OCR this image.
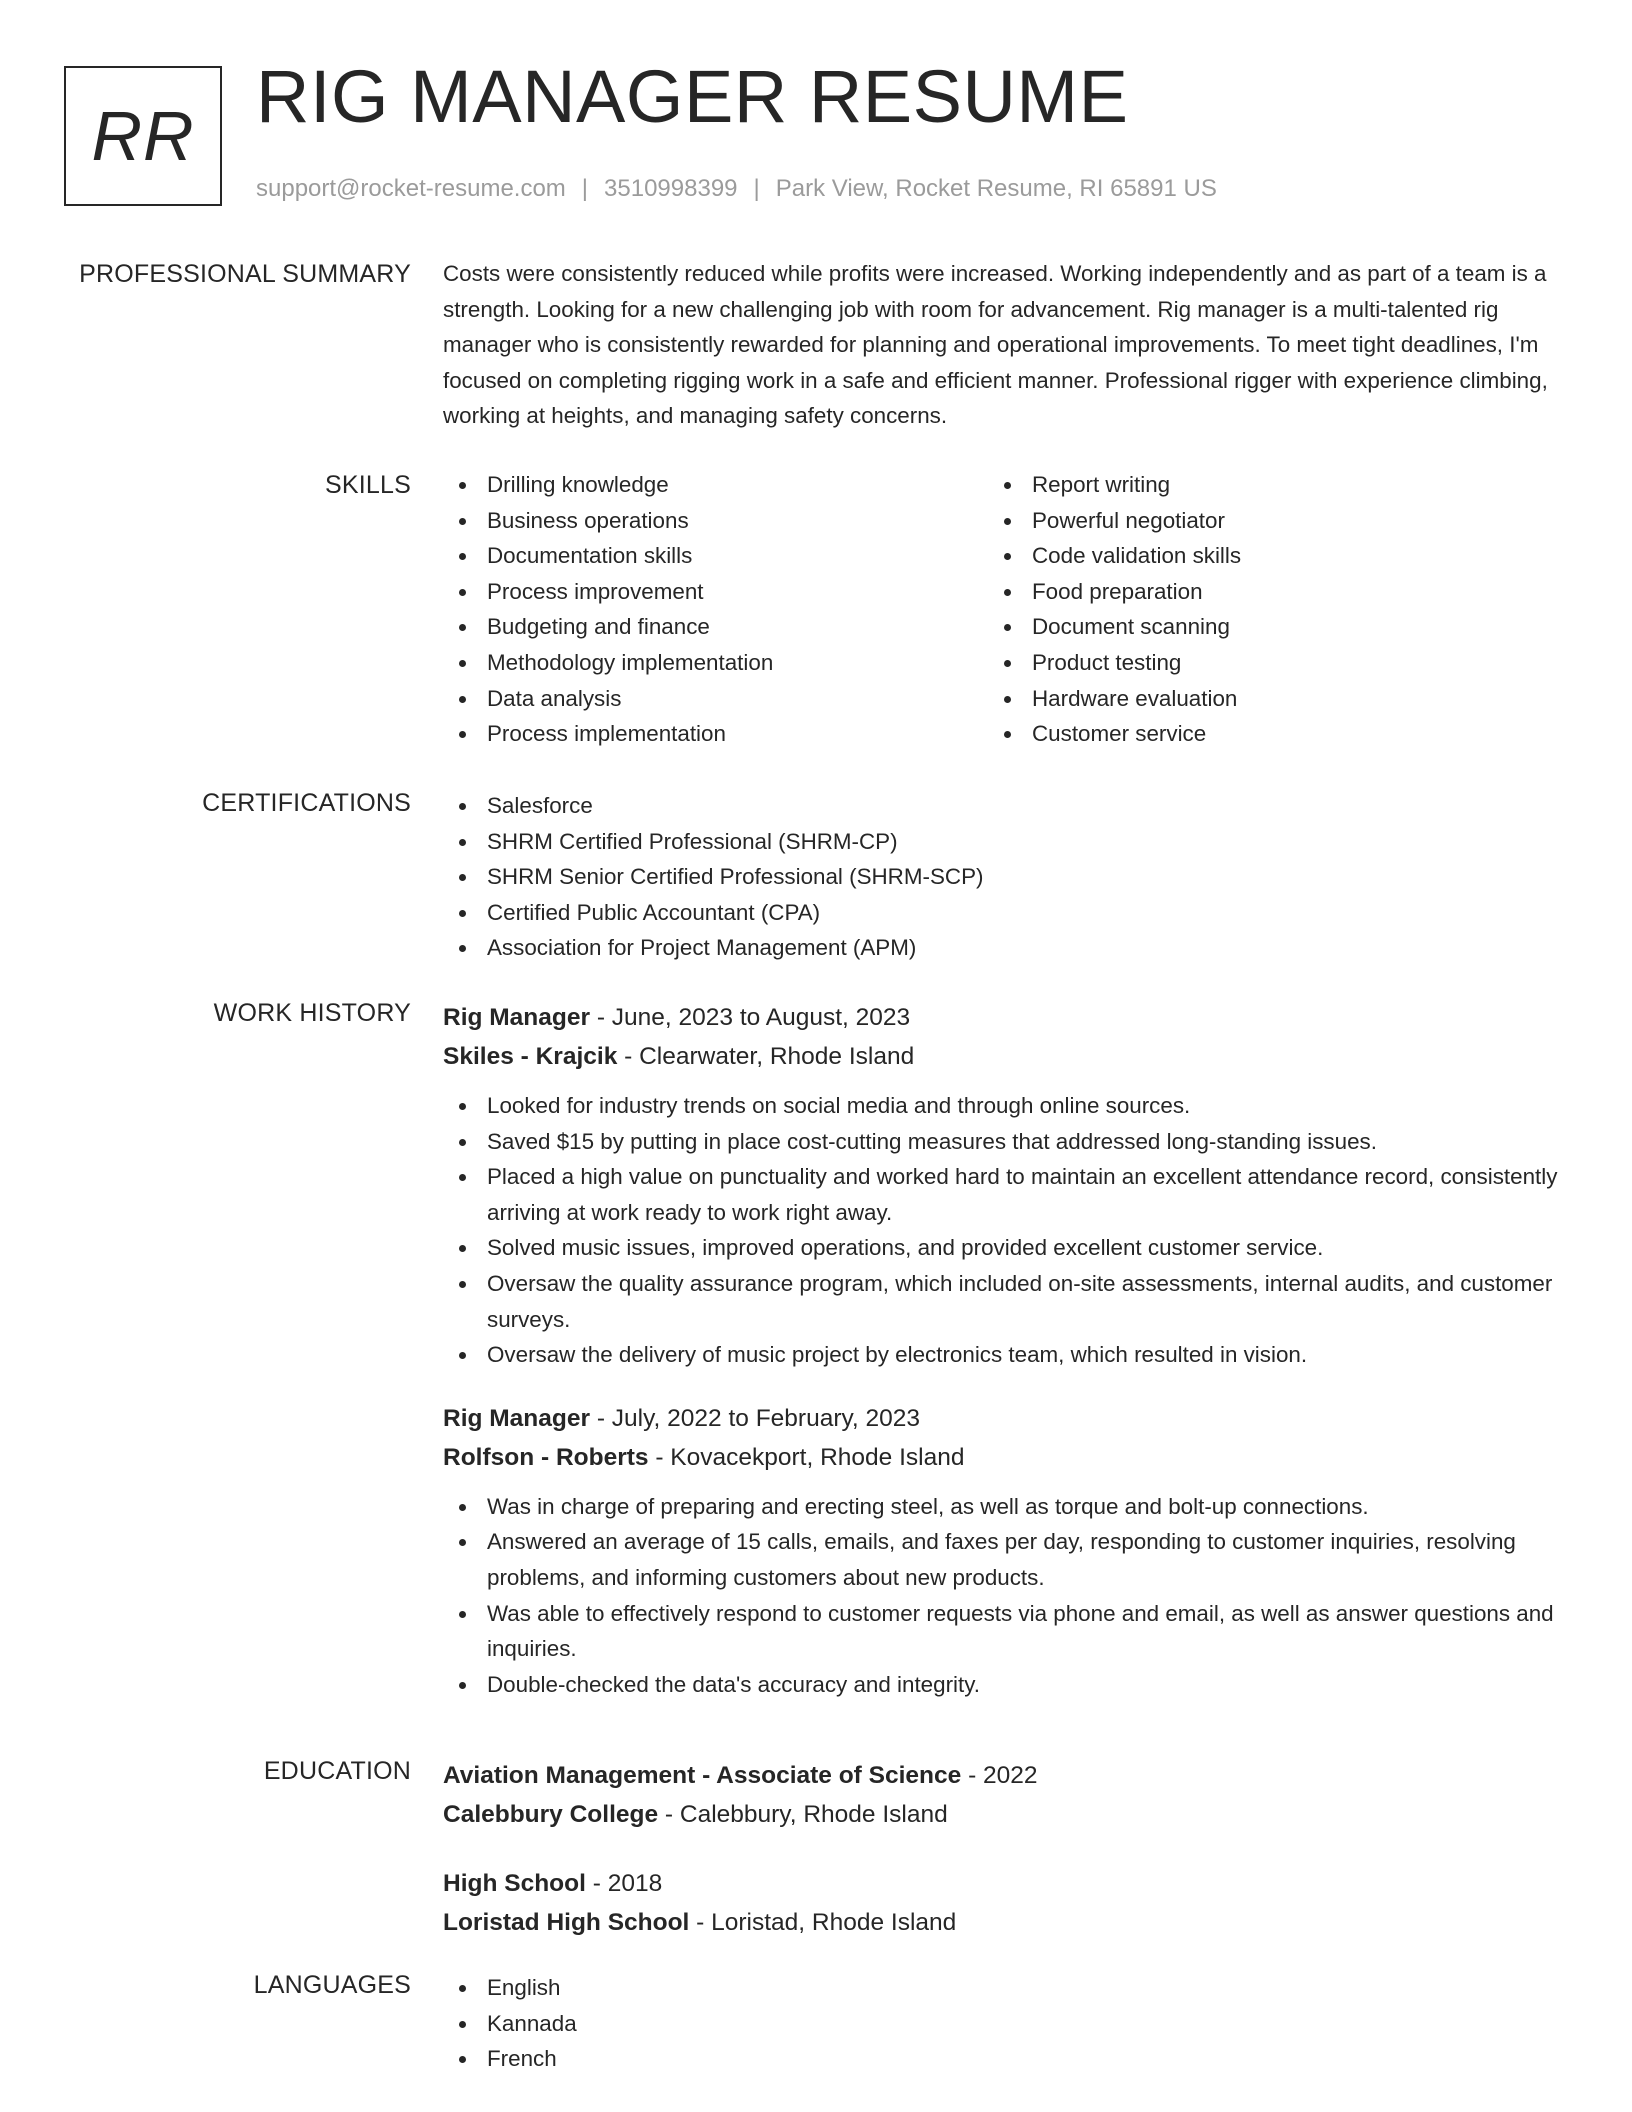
RR RIG MANAGER RESUME
support@rocket-resume.com | 3510998399 | Park View, Rocket Resume, RI 65891 US
PROFESSIONAL SUMMARY Costs were consistently reduced while profits were increased. Working independently and as part of a team is a strength. Looking for a new challenging job with room for advancement. Rig manager is a multi-talented rig manager who is consistently rewarded for planning and operational improvements. To meet tight deadlines, I'm focused on completing rigging work in a safe and efficient manner. Professional rigger with experience climbing, working at heights, and managing safety concerns.

SKILLS	Drilling knowledge
Business operations
Documentation skills
Process improvement
Budgeting and finance
Methodology implementation
Data analysis
Process implementation
Report writing
Powerful negotiator
Code validation skills
Food preparation
Document scanning
Product testing
Hardware evaluation
Customer service
CERTIFICATIONS	Salesforce
SHRM Certified Professional (SHRM-CP)
SHRM Senior Certified Professional (SHRM-SCP)
Certified Public Accountant (CPA)
Association for Project Management (APM)
WORK HISTORY Rig Manager - June, 2023 to August, 2023
Skiles - Krajcik - Clearwater, Rhode Island
Looked for industry trends on social media and through online sources.
Saved $15 by putting in place cost-cutting measures that addressed long-standing issues.
Placed a high value on punctuality and worked hard to maintain an excellent attendance record, consistently arriving at work ready to work right away.
Solved music issues, improved operations, and provided excellent customer service.
Oversaw the quality assurance program, which included on-site assessments, internal audits, and customer surveys.
Oversaw the delivery of music project by electronics team, which resulted in vision.
Rig Manager - July, 2022 to February, 2023
Rolfson - Roberts - Kovacekport, Rhode Island
Was in charge of preparing and erecting steel, as well as torque and bolt-up connections.
Answered an average of 15 calls, emails, and faxes per day, responding to customer inquiries, resolving problems, and informing customers about new products.
Was able to effectively respond to customer requests via phone and email, as well as answer questions and inquiries.
Double-checked the data's accuracy and integrity.
EDUCATION Aviation Management - Associate of Science - 2022
Calebbury College - Calebbury, Rhode Island
High School - 2018
Loristad High School - Loristad, Rhode Island
LANGUAGES	English
Kannada
French
